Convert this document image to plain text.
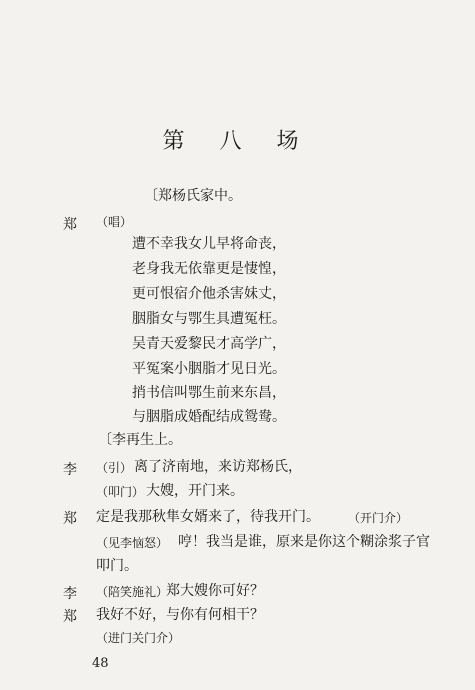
第 八 场
〔郑杨氏家中。
郑 （唱）
遭不幸我女儿早将命丧，
老身我无依靠更是悽惶，
更可恨宿介他杀害妹丈，
胭脂女与鄂生具遭冤枉。
吴青天爱黎民才高学广，
平冤案小胭脂才见日光。
捎书信叫鄂生前来东昌，
与胭脂成婚配结成鸳鸯。
〔李再生上。
李 （引） 离了济南地，来访郑杨氏，
（叩门） 大嫂，开门来。
郑 定是我那秋隼女婿来了，待我开门。 （开门介）
（见李恼怒） 哼！我当是谁，原来是你这个糊涂浆子官
叩门。
李 （陪笑施礼）
郑大嫂你可好？
郑 我好不好，与你有何相干？
（进门关门介）
48
